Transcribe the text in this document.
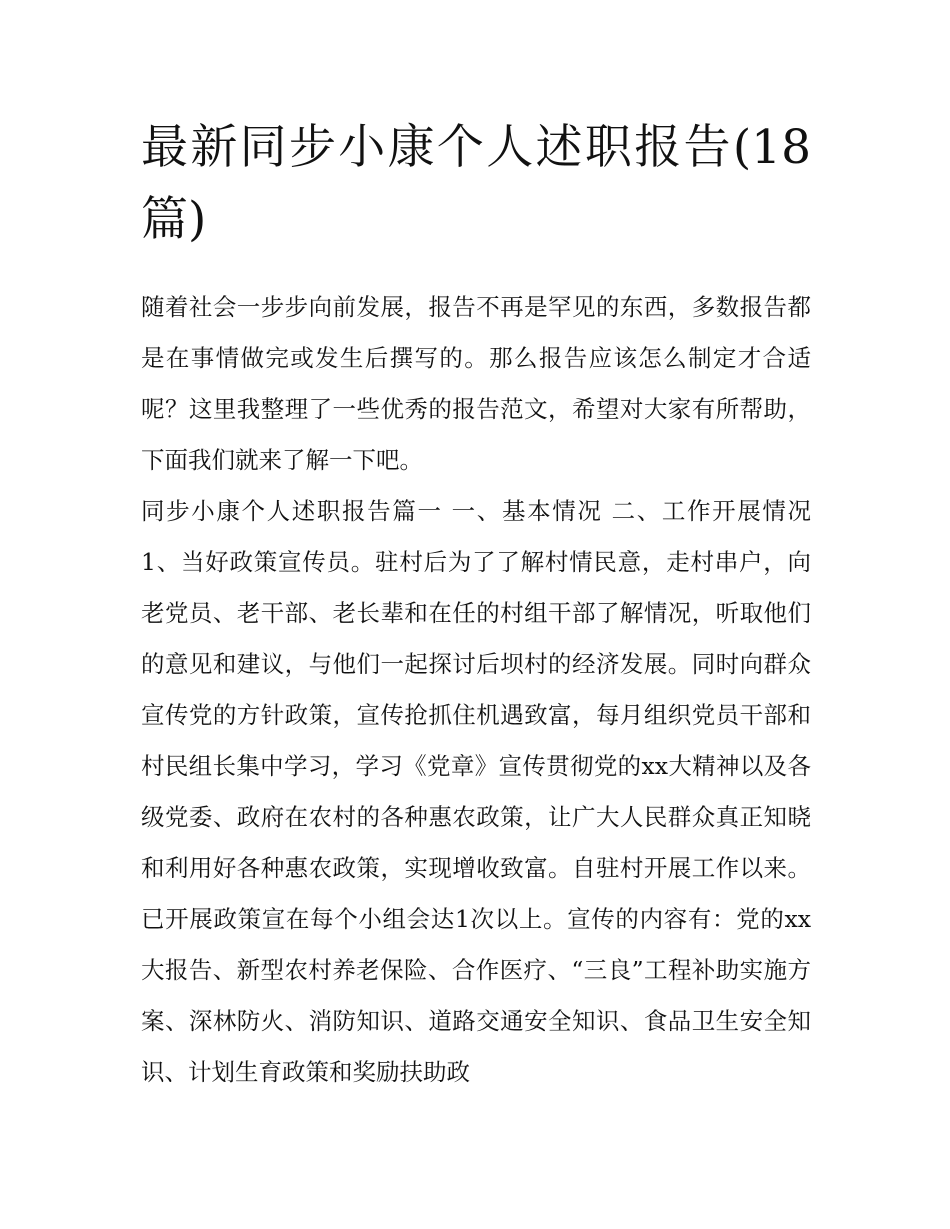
最新同步小康个人述职报告(18篇)

随着社会一步步向前发展，报告不再是罕见的东西，多数报告都是在事情做完或发生后撰写的。那么报告应该怎么制定才合适呢？这里我整理了一些优秀的报告范文，希望对大家有所帮助，下面我们就来了解一下吧。

同步小康个人述职报告篇一 一、基本情况 二、工作开展情况 1、当好政策宣传员。驻村后为了了解村情民意，走村串户，向老党员、老干部、老长辈和在任的村组干部了解情况，听取他们的意见和建议，与他们一起探讨后坝村的经济发展。同时向群众宣传党的方针政策，宣传抢抓住机遇致富，每月组织党员干部和村民组长集中学习，学习《党章》宣传贯彻党的xx大精神以及各级党委、政府在农村的各种惠农政策，让广大人民群众真正知晓和利用好各种惠农政策，实现增收致富。自驻村开展工作以来。已开展政策宣在每个小组会达1次以上。宣传的内容有：党的xx大报告、新型农村养老保险、合作医疗、“三良”工程补助实施方案、深林防火、消防知识、道路交通安全知识、食品卫生安全知识、计划生育政策和奖励扶助政
